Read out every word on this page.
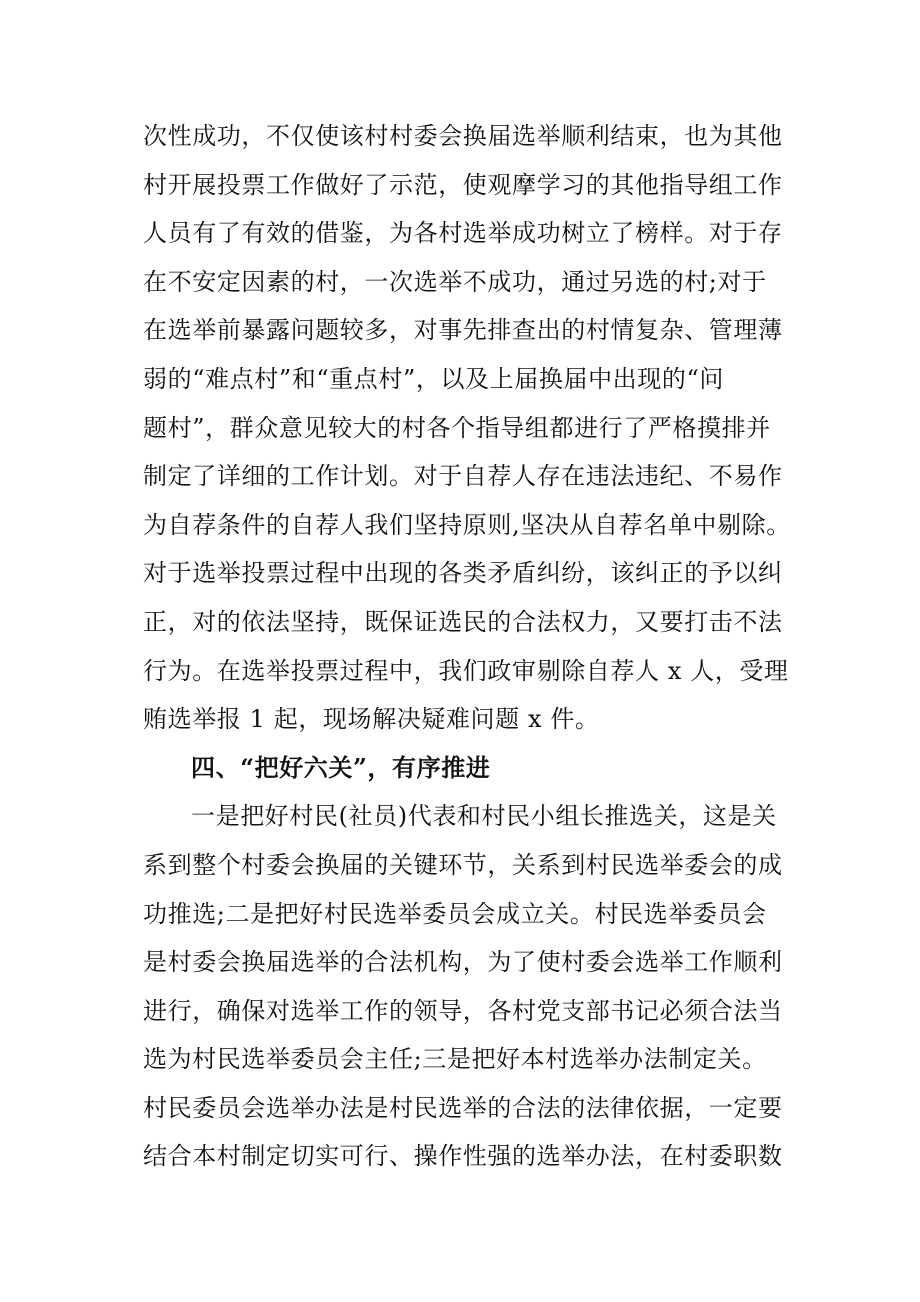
次性成功，不仅使该村村委会换届选举顺利结束，也为其他
村开展投票工作做好了示范，使观摩学习的其他指导组工作
人员有了有效的借鉴，为各村选举成功树立了榜样。对于存
在不安定因素的村，一次选举不成功，通过另选的村;对于
在选举前暴露问题较多，对事先排查出的村情复杂、管理薄
弱的“难点村”和“重点村”，以及上届换届中出现的“问
题村”，群众意见较大的村各个指导组都进行了严格摸排并
制定了详细的工作计划。对于自荐人存在违法违纪、不易作
为自荐条件的自荐人我们坚持原则,坚决从自荐名单中剔除。
对于选举投票过程中出现的各类矛盾纠纷，该纠正的予以纠
正，对的依法坚持，既保证选民的合法权力，又要打击不法
行为。在选举投票过程中，我们政审剔除自荐人 x 人，受理
贿选举报 1 起，现场解决疑难问题 x 件。
四、“把好六关”，有序推进
一是把好村民(社员)代表和村民小组长推选关，这是关
系到整个村委会换届的关键环节，关系到村民选举委会的成
功推选;二是把好村民选举委员会成立关。村民选举委员会
是村委会换届选举的合法机构，为了使村委会选举工作顺利
进行，确保对选举工作的领导，各村党支部书记必须合法当
选为村民选举委员会主任;三是把好本村选举办法制定关。
村民委员会选举办法是村民选举的合法的法律依据，一定要
结合本村制定切实可行、操作性强的选举办法，在村委职数
